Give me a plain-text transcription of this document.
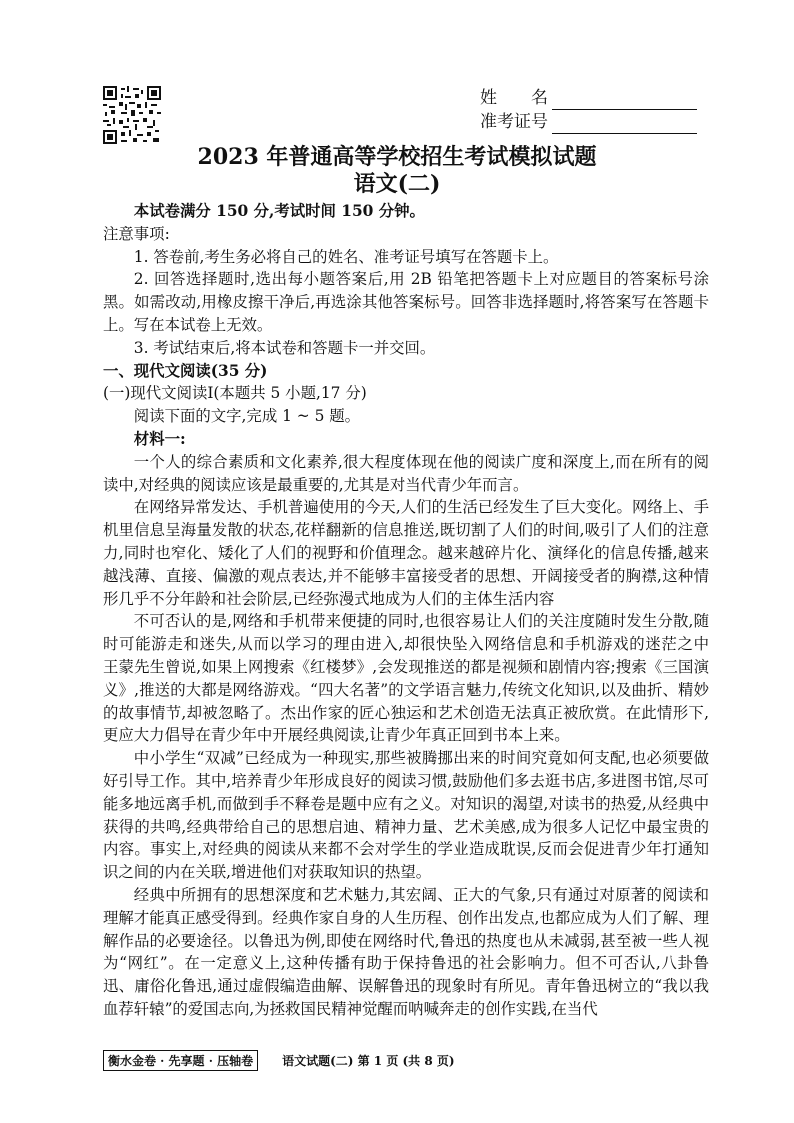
姓　　名
准考证号
2023 年普通高等学校招生考试模拟试题
语文(二)

本试卷满分 150 分,考试时间 150 分钟。

注意事项:

1. 答卷前,考生务必将自己的姓名、准考证号填写在答题卡上。

2. 回答选择题时,选出每小题答案后,用 2B 铅笔把答题卡上对应题目的答案标号涂黑。如需改动,用橡皮擦干净后,再选涂其他答案标号。回答非选择题时,将答案写在答题卡上。写在本试卷上无效。

3. 考试结束后,将本试卷和答题卡一并交回。

一、现代文阅读(35 分)

(一)现代文阅读Ⅰ(本题共 5 小题,17 分)

阅读下面的文字,完成 1 ~ 5 题。

材料一:

一个人的综合素质和文化素养,很大程度体现在他的阅读广度和深度上,而在所有的阅读中,对经典的阅读应该是最重要的,尤其是对当代青少年而言。

在网络异常发达、手机普遍使用的今天,人们的生活已经发生了巨大变化。网络上、手机里信息呈海量发散的状态,花样翻新的信息推送,既切割了人们的时间,吸引了人们的注意力,同时也窄化、矮化了人们的视野和价值理念。越来越碎片化、演绎化的信息传播,越来越浅薄、直接、偏激的观点表达,并不能够丰富接受者的思想、开阔接受者的胸襟,这种情形几乎不分年龄和社会阶层,已经弥漫式地成为人们的主体生活内容

不可否认的是,网络和手机带来便捷的同时,也很容易让人们的关注度随时发生分散,随时可能游走和迷失,从而以学习的理由进入,却很快坠入网络信息和手机游戏的迷茫之中　王蒙先生曾说,如果上网搜索《红楼梦》,会发现推送的都是视频和剧情内容;搜索《三国演义》,推送的大都是网络游戏。“四大名著”的文学语言魅力,传统文化知识,以及曲折、精妙的故事情节,却被忽略了。杰出作家的匠心独运和艺术创造无法真正被欣赏。在此情形下,更应大力倡导在青少年中开展经典阅读,让青少年真正回到书本上来。

中小学生“双减”已经成为一种现实,那些被腾挪出来的时间究竟如何支配,也必须要做好引导工作。其中,培养青少年形成良好的阅读习惯,鼓励他们多去逛书店,多进图书馆,尽可能多地远离手机,而做到手不释卷是题中应有之义。对知识的渴望,对读书的热爱,从经典中获得的共鸣,经典带给自己的思想启迪、精神力量、艺术美感,成为很多人记忆中最宝贵的内容。事实上,对经典的阅读从来都不会对学生的学业造成耽误,反而会促进青少年打通知识之间的内在关联,增进他们对获取知识的热望。

经典中所拥有的思想深度和艺术魅力,其宏阔、正大的气象,只有通过对原著的阅读和理解才能真正感受得到。经典作家自身的人生历程、创作出发点,也都应成为人们了解、理解作品的必要途径。以鲁迅为例,即使在网络时代,鲁迅的热度也从未减弱,甚至被一些人视为“网红”。在一定意义上,这种传播有助于保持鲁迅的社会影响力。但不可否认,八卦鲁迅、庸俗化鲁迅,通过虚假编造曲解、误解鲁迅的现象时有所见。青年鲁迅树立的“我以我血荐轩辕”的爱国志向,为拯救国民精神觉醒而呐喊奔走的创作实践,在当代

衡水金卷 · 先享题 · 压轴卷	语文试题(二) 第 1 页 (共 8 页)
